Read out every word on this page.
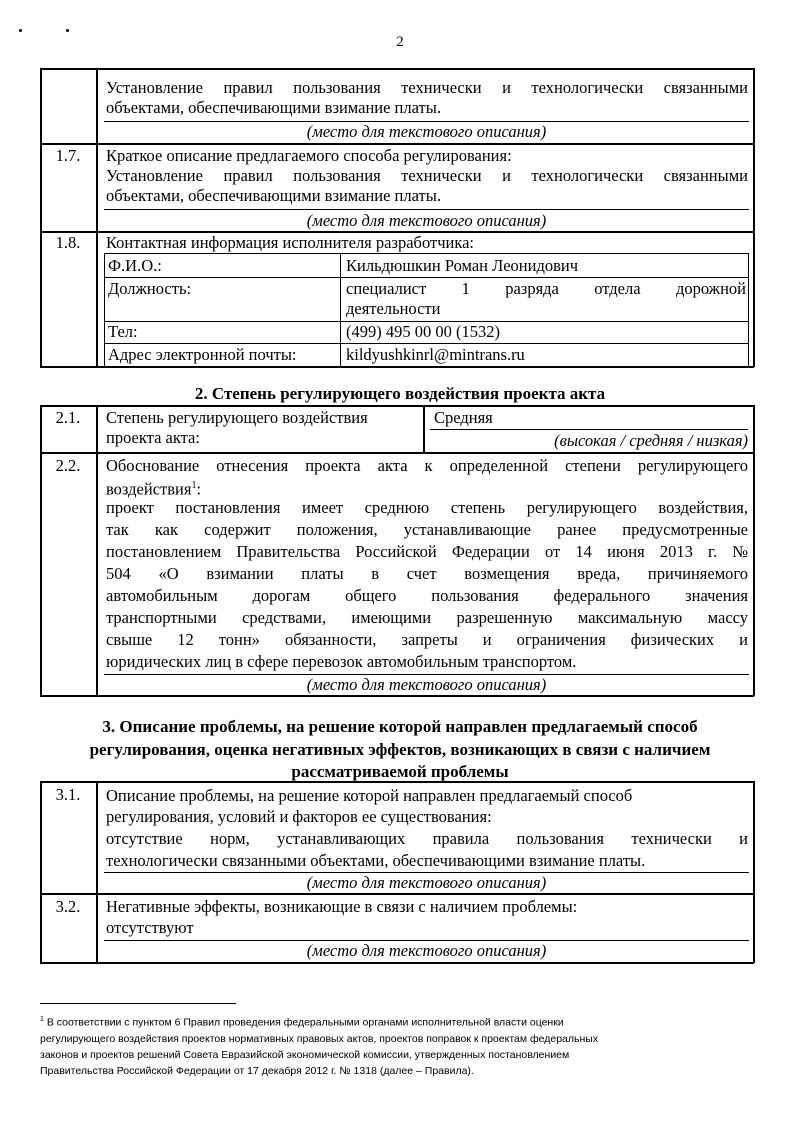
2
Установление правил пользования технически и технологически связанными
объектами, обеспечивающими взимание платы.
(место для текстового описания)
1.7.	Краткое описание предлагаемого способа регулирования:
Установление правил пользования технически и технологически связанными
объектами, обеспечивающими взимание платы.
(место для текстового описания)
1.8.	Контактная информация исполнителя разработчика:
Ф.И.О.:	Кильдюшкин Роман Леонидович
Должность:	специалист 1 разряда отдела дорожной
деятельности
Тел:	(499) 495 00 00 (1532)
Адрес электронной почты:	kildyushkinrl@mintrans.ru
2. Степень регулирующего воздействия проекта акта
2.1.	Степень регулирующего воздействия
проекта акта:
Средняя
(высокая / средняя / низкая)
2.2.	Обоснование отнесения проекта акта к определенной степени регулирующего
воздействия$^1$:
проект постановления имеет среднюю степень регулирующего воздействия,
так как содержит положения, устанавливающие ранее предусмотренные
постановлением Правительства Российской Федерации от 14 июня 2013 г. №
504 «О взимании платы в счет возмещения вреда, причиняемого
автомобильным дорогам общего пользования федерального значения
транспортными средствами, имеющими разрешенную максимальную массу
свыше 12 тонн» обязанности, запреты и ограничения физических и
юридических лиц в сфере перевозок автомобильным транспортом.
(место для текстового описания)
3. Описание проблемы, на решение которой направлен предлагаемый способ
регулирования, оценка негативных эффектов, возникающих в связи с наличием
рассматриваемой проблемы
3.1.	Описание проблемы, на решение которой направлен предлагаемый способ
регулирования, условий и факторов ее существования:
отсутствие норм, устанавливающих правила пользования технически и
технологически связанными объектами, обеспечивающими взимание платы.
(место для текстового описания)
3.2.	Негативные эффекты, возникающие в связи с наличием проблемы:
отсутствуют
(место для текстового описания)
$^1$ В соответствии с пунктом 6 Правил проведения федеральными органами исполнительной власти оценки
регулирующего воздействия проектов нормативных правовых актов, проектов поправок к проектам федеральных
законов и проектов решений Совета Евразийской экономической комиссии, утвержденных постановлением
Правительства Российской Федерации от 17 декабря 2012 г. № 1318 (далее – Правила).
